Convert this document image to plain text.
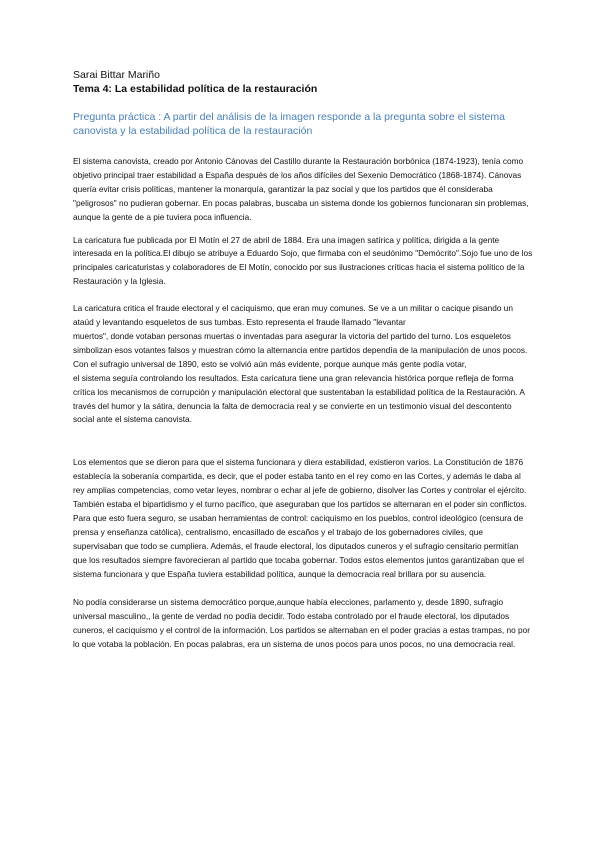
Sarai Bittar Mariño
Tema 4: La estabilidad política de la restauración
Pregunta práctica : A partir del análisis de la imagen responde a la pregunta sobre el sistema canovista y la estabilidad política de la restauración

El sistema canovista, creado por Antonio Cánovas del Castillo durante la Restauración borbónica (1874-1923), tenía como objetivo principal traer estabilidad a España después de los años difíciles del Sexenio Democrático (1868-1874). Cánovas quería evitar crisis políticas, mantener la monarquía, garantizar la paz social y que los partidos que él consideraba "peligrosos" no pudieran gobernar. En pocas palabras, buscaba un sistema donde los gobiernos funcionaran sin problemas, aunque la gente de a pie tuviera poca influencia.

La caricatura fue publicada por El Motín el 27 de abril de 1884. Era una imagen satírica y política, dirigida a la gente interesada en la política.El dibujo se atribuye a Eduardo Sojo, que firmaba con el seudónimo "Demócrito".Sojo fue uno de los principales caricaturistas y colaboradores de El Motín, conocido por sus ilustraciones críticas hacia el sistema político de la Restauración y la Iglesia.

La caricatura critica el fraude electoral y el caciquismo, que eran muy comunes. Se ve a un militar o cacique pisando un ataúd y levantando esqueletos de sus tumbas. Esto representa el fraude llamado "levantar
muertos", donde votaban personas muertas o inventadas para asegurar la victoria del partido del turno. Los esqueletos simbolizan esos votantes falsos y muestran cómo la alternancia entre partidos dependía de la manipulación de unos pocos. Con el sufragio universal de 1890, esto se volvió aún más evidente, porque aunque más gente podía votar,
el sistema seguía controlando los resultados. Esta caricatura tiene una gran relevancia histórica porque refleja de forma crítica los mecanismos de corrupción y manipulación electoral que sustentaban la estabilidad política de la Restauración. A través del humor y la sátira, denuncia la falta de democracia real y se convierte en un testimonio visual del descontento social ante el sistema canovista.

Los elementos que se dieron para que el sistema funcionara y diera estabilidad, existieron varios. La Constitución de 1876 establecía la soberanía compartida, es decir, que el poder estaba tanto en el rey como en las Cortes, y además le daba al rey amplias competencias, como vetar leyes, nombrar o echar al jefe de gobierno, disolver las Cortes y controlar el ejército. También estaba el bipartidismo y el turno pacífico, que aseguraban que los partidos se alternaran en el poder sin conflictos. Para que esto fuera seguro, se usaban herramientas de control: caciquismo en los pueblos, control ideológico (censura de prensa y enseñanza católica), centralismo, encasillado de escaños y el trabajo de los gobernadores civiles, que supervisaban que todo se cumpliera. Además, el fraude electoral, los diputados cuneros y el sufragio censitario permitían que los resultados siempre favorecieran al partido que tocaba gobernar. Todos estos elementos juntos garantizaban que el sistema funcionara y que España tuviera estabilidad política, aunque la democracia real brillara por su ausencia.

No podía considerarse un sistema democrático porque,aunque había elecciones, parlamento y, desde 1890, sufragio universal masculino,, la gente de verdad no podía decidir. Todo estaba controlado por el fraude electoral, los diputados cuneros, el caciquismo y el control de la información. Los partidos se alternaban en el poder gracias a estas trampas, no por lo que votaba la población. En pocas palabras, era un sistema de unos pocos para unos pocos, no una democracia real.
